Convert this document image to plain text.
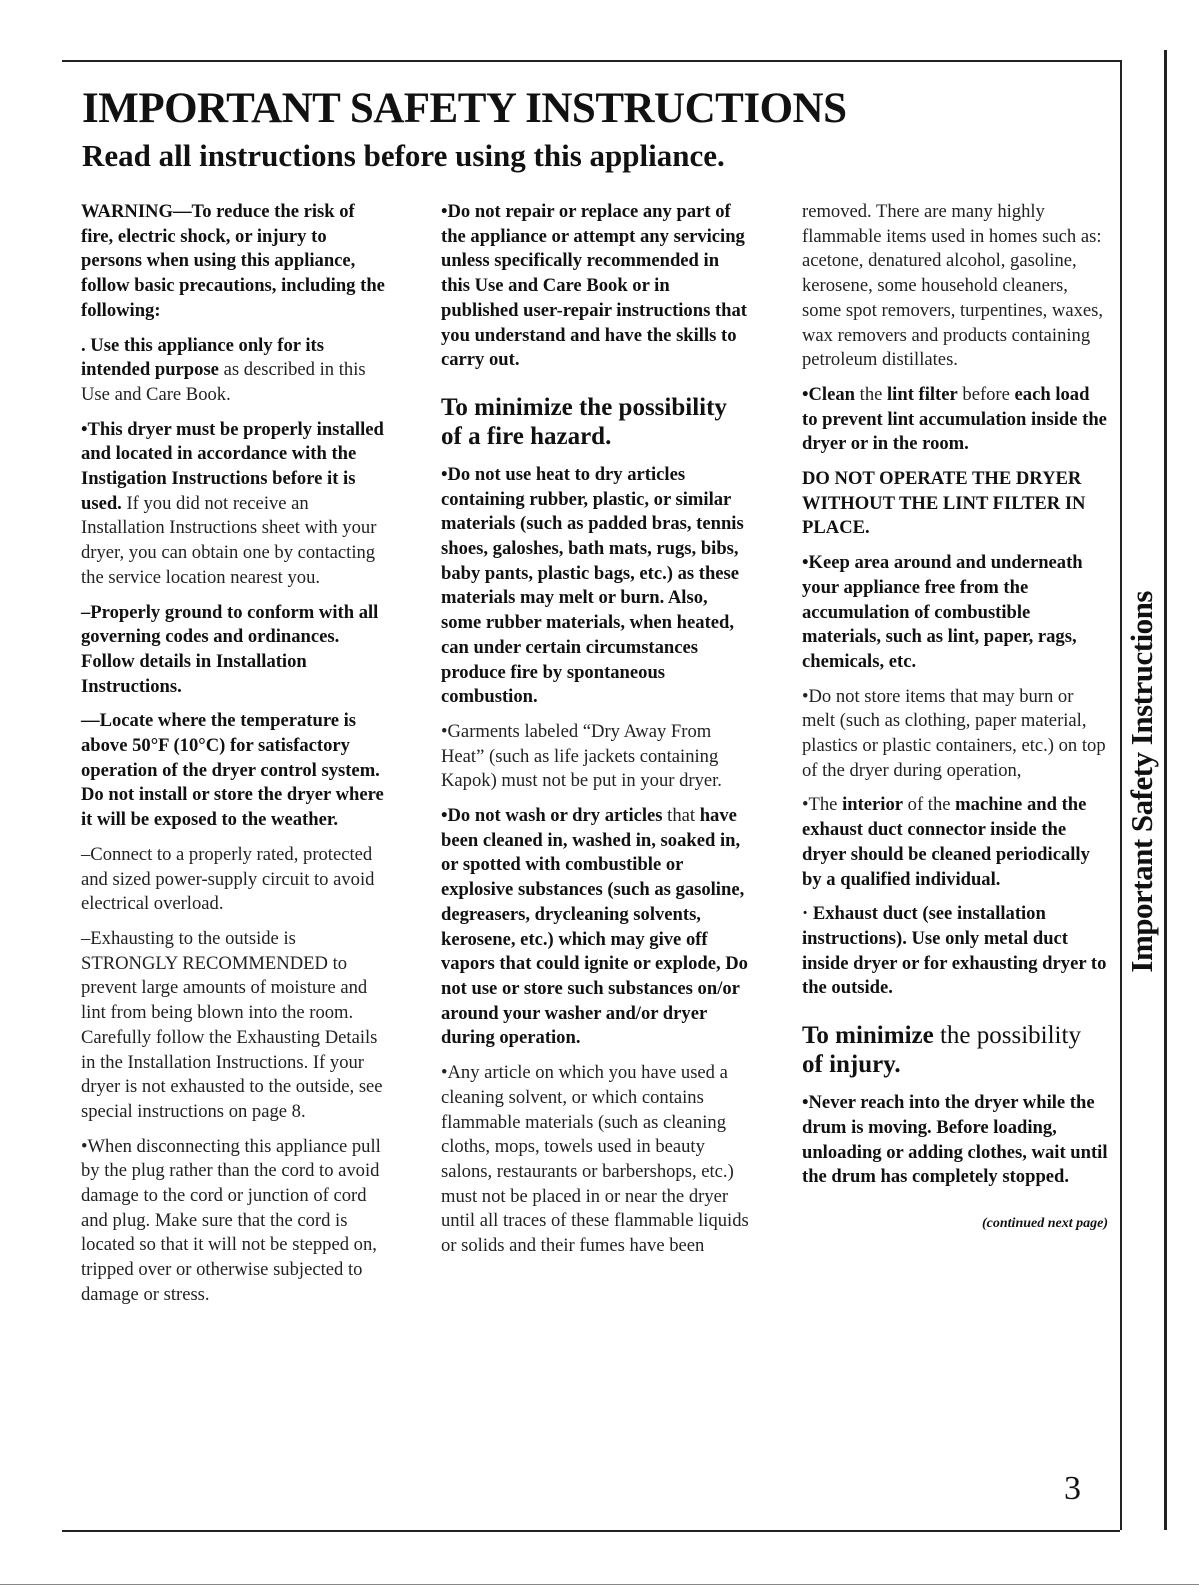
IMPORTANT SAFETY INSTRUCTIONS
Read all instructions before using this appliance.

WARNING—To reduce the risk of fire, electric shock, or injury to persons when using this appliance, follow basic precautions, including the following:

. Use this appliance only for its intended purpose as described in this Use and Care Book.

•This dryer must be properly installed and located in accordance with the Instigation Instructions before it is used. If you did not receive an Installation Instructions sheet with your dryer, you can obtain one by contacting the service location nearest you.

–Properly ground to conform with all governing codes and ordinances. Follow details in Installation Instructions.

—Locate where the temperature is above 50°F (10°C) for satisfactory operation of the dryer control system. Do not install or store the dryer where it will be exposed to the weather.

–Connect to a properly rated, protected and sized power-supply circuit to avoid electrical overload.

–Exhausting to the outside is STRONGLY RECOMMENDED to prevent large amounts of moisture and lint from being blown into the room. Carefully follow the Exhausting Details in the Installation Instructions. If your dryer is not exhausted to the outside, see special instructions on page 8.

•When disconnecting this appliance pull by the plug rather than the cord to avoid damage to the cord or junction of cord and plug. Make sure that the cord is located so that it will not be stepped on, tripped over or otherwise subjected to damage or stress.

•Do not repair or replace any part of the appliance or attempt any servicing unless specifically recommended in this Use and Care Book or in published user-repair instructions that you understand and have the skills to carry out.

To minimize the possibility of a fire hazard.

•Do not use heat to dry articles containing rubber, plastic, or similar materials (such as padded bras, tennis shoes, galoshes, bath mats, rugs, bibs, baby pants, plastic bags, etc.) as these materials may melt or burn. Also, some rubber materials, when heated, can under certain circumstances produce fire by spontaneous combustion.

•Garments labeled “Dry Away From Heat” (such as life jackets containing Kapok) must not be put in your dryer.

•Do not wash or dry articles that have been cleaned in, washed in, soaked in, or spotted with combustible or explosive substances (such as gasoline, degreasers, drycleaning solvents, kerosene, etc.) which may give off vapors that could ignite or explode, Do not use or store such substances on/or around your washer and/or dryer during operation.

•Any article on which you have used a cleaning solvent, or which contains flammable materials (such as cleaning cloths, mops, towels used in beauty salons, restaurants or barbershops, etc.) must not be placed in or near the dryer until all traces of these flammable liquids or solids and their fumes have been

removed. There are many highly flammable items used in homes such as: acetone, denatured alcohol, gasoline, kerosene, some household cleaners, some spot removers, turpentines, waxes, wax removers and products containing petroleum distillates.

•Clean the lint filter before each load to prevent lint accumulation inside the dryer or in the room.

DO NOT OPERATE THE DRYER WITHOUT THE LINT FILTER IN PLACE.

•Keep area around and underneath your appliance free from the accumulation of combustible materials, such as lint, paper, rags, chemicals, etc.

•Do not store items that may burn or melt (such as clothing, paper material, plastics or plastic containers, etc.) on top of the dryer during operation,

•The interior of the machine and the exhaust duct connector inside the dryer should be cleaned periodically by a qualified individual.

· Exhaust duct (see installation instructions). Use only metal duct inside dryer or for exhausting dryer to the outside.

To minimize the possibility
of injury.

•Never reach into the dryer while the drum is moving. Before loading, unloading or adding clothes, wait until the drum has completely stopped.

(continued next page)
Important Safety Instructions
3
